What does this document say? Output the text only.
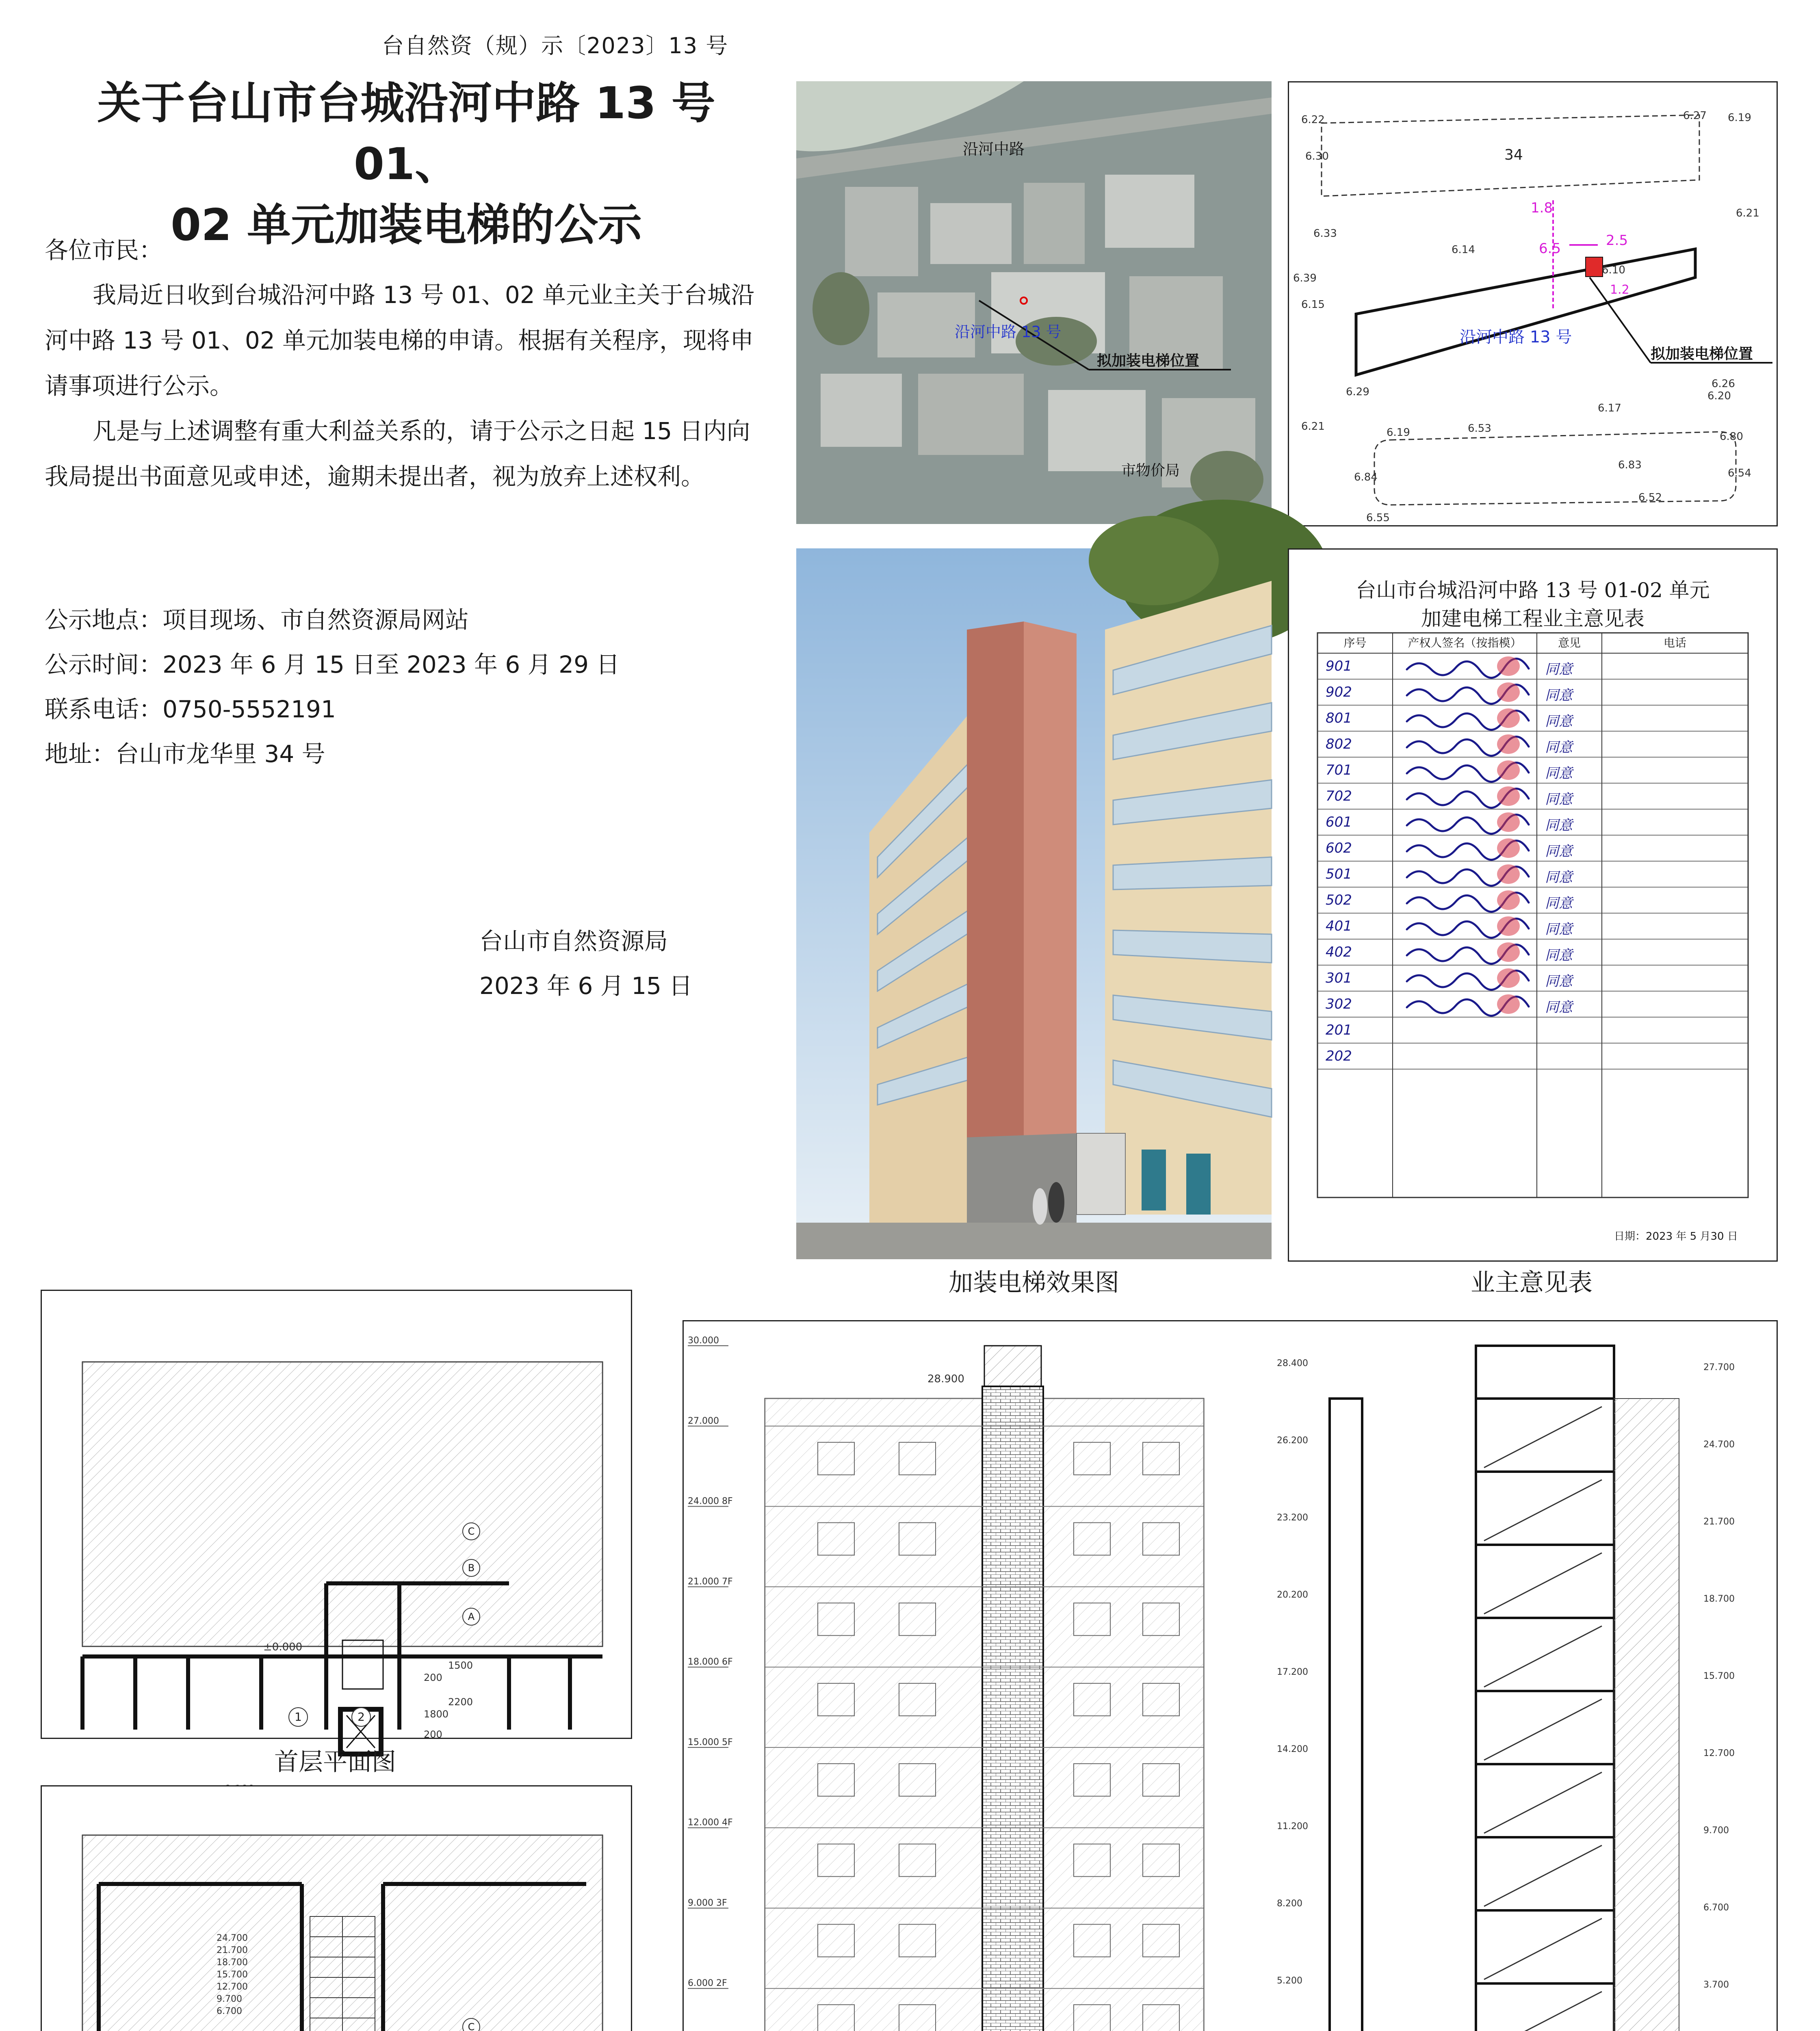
台自然资（规）示〔2023〕13 号
关于台山市台城沿河中路 13 号 01、
02 单元加装电梯的公示
各位市民：
我局近日收到台城沿河中路 13 号 01、02 单元业主关于台城沿河中路 13 号 01、02 单元加装电梯的申请。根据有关程序，现将申请事项进行公示。
凡是与上述调整有重大利益关系的，请于公示之日起 15 日内向我局提出书面意见或申述，逾期未提出者，视为放弃上述权利。
公示地点：项目现场、市自然资源局网站
公示时间：2023 年 6 月 15 日至 2023 年 6 月 29 日
联系电话：0750-5552191
地址：台山市龙华里 34 号
台山市自然资源局
2023 年 6 月 15 日
沿河中路
沿河中路 13 号
拟加装电梯位置
市物价局
34
1.8
6.5	2.5
1.2
沿河中路 13 号
拟加装电梯位置
6.22	6.27 6.19
6.30
6.33
6.21
6.39
6.14
6.15
6.10
6.26
6.29	6.20
6.17
6.21	6.19	6.53
6.80
6.84
6.83
6.54
6.52
6.55
台山市台城沿河中路 13 号 01-02 单元
加建电梯工程业主意见表
序号	产权人签名（按指模）	意见	电话
901	同意
902	同意
801	同意
802	同意
701	同意
702	同意
601	同意
602	同意
501	同意
502	同意
401	同意
402	同意
301	同意
302	同意
201
202
日期：2023 年 5 月30 日
加装电梯效果图	业主意见表
±0.000
1500
200
2200
1800
200
1	2
A
B
C
首层平面图
24.700
21.700
18.700
15.700
12.700
9.700
6.700
C
30.000
27.000
24.000 8F
21.000 7F
18.000 6F
15.000 5F
12.000 4F
9.000 3F
6.000 2F
28.900
28.400
26.200
23.200
20.200
17.200
14.200
11.200
8.200
5.200
27.700
24.700
21.700
18.700
15.700
12.700
9.700
6.700
3.700
